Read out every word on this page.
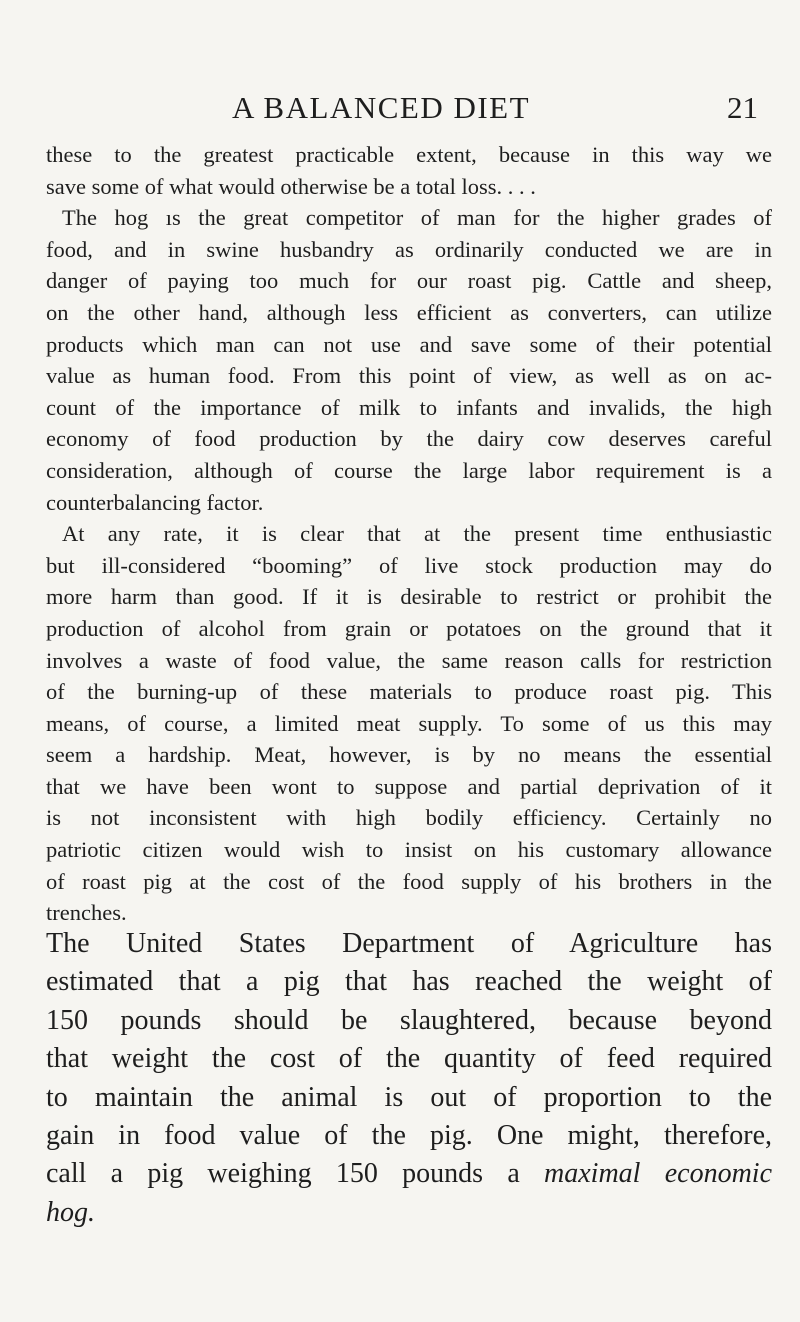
A BALANCED DIET	21
these to the greatest practicable extent, because in this way we
save some of what would otherwise be a total loss. . . .
The hog ıs the great competitor of man for the higher grades of
food, and in swine husbandry as ordinarily conducted we are in
danger of paying too much for our roast pig. Cattle and sheep,
on the other hand, although less efficient as converters, can utilize
products which man can not use and save some of their potential
value as human food. From this point of view, as well as on ac-
count of the importance of milk to infants and invalids, the high
economy of food production by the dairy cow deserves careful
consideration, although of course the large labor requirement is a
counterbalancing factor.
At any rate, it is clear that at the present time enthusiastic
but ill-considered “booming” of live stock production may do
more harm than good. If it is desirable to restrict or prohibit the
production of alcohol from grain or potatoes on the ground that it
involves a waste of food value, the same reason calls for restriction
of the burning-up of these materials to produce roast pig. This
means, of course, a limited meat supply. To some of us this may
seem a hardship. Meat, however, is by no means the essential
that we have been wont to suppose and partial deprivation of it
is not inconsistent with high bodily efficiency. Certainly no
patriotic citizen would wish to insist on his customary allowance
of roast pig at the cost of the food supply of his brothers in the
trenches.
The United States Department of Agriculture has
estimated that a pig that has reached the weight of
150 pounds should be slaughtered, because beyond
that weight the cost of the quantity of feed required
to maintain the animal is out of proportion to the
gain in food value of the pig. One might, therefore,
call a pig weighing 150 pounds a maximal economic
hog.
